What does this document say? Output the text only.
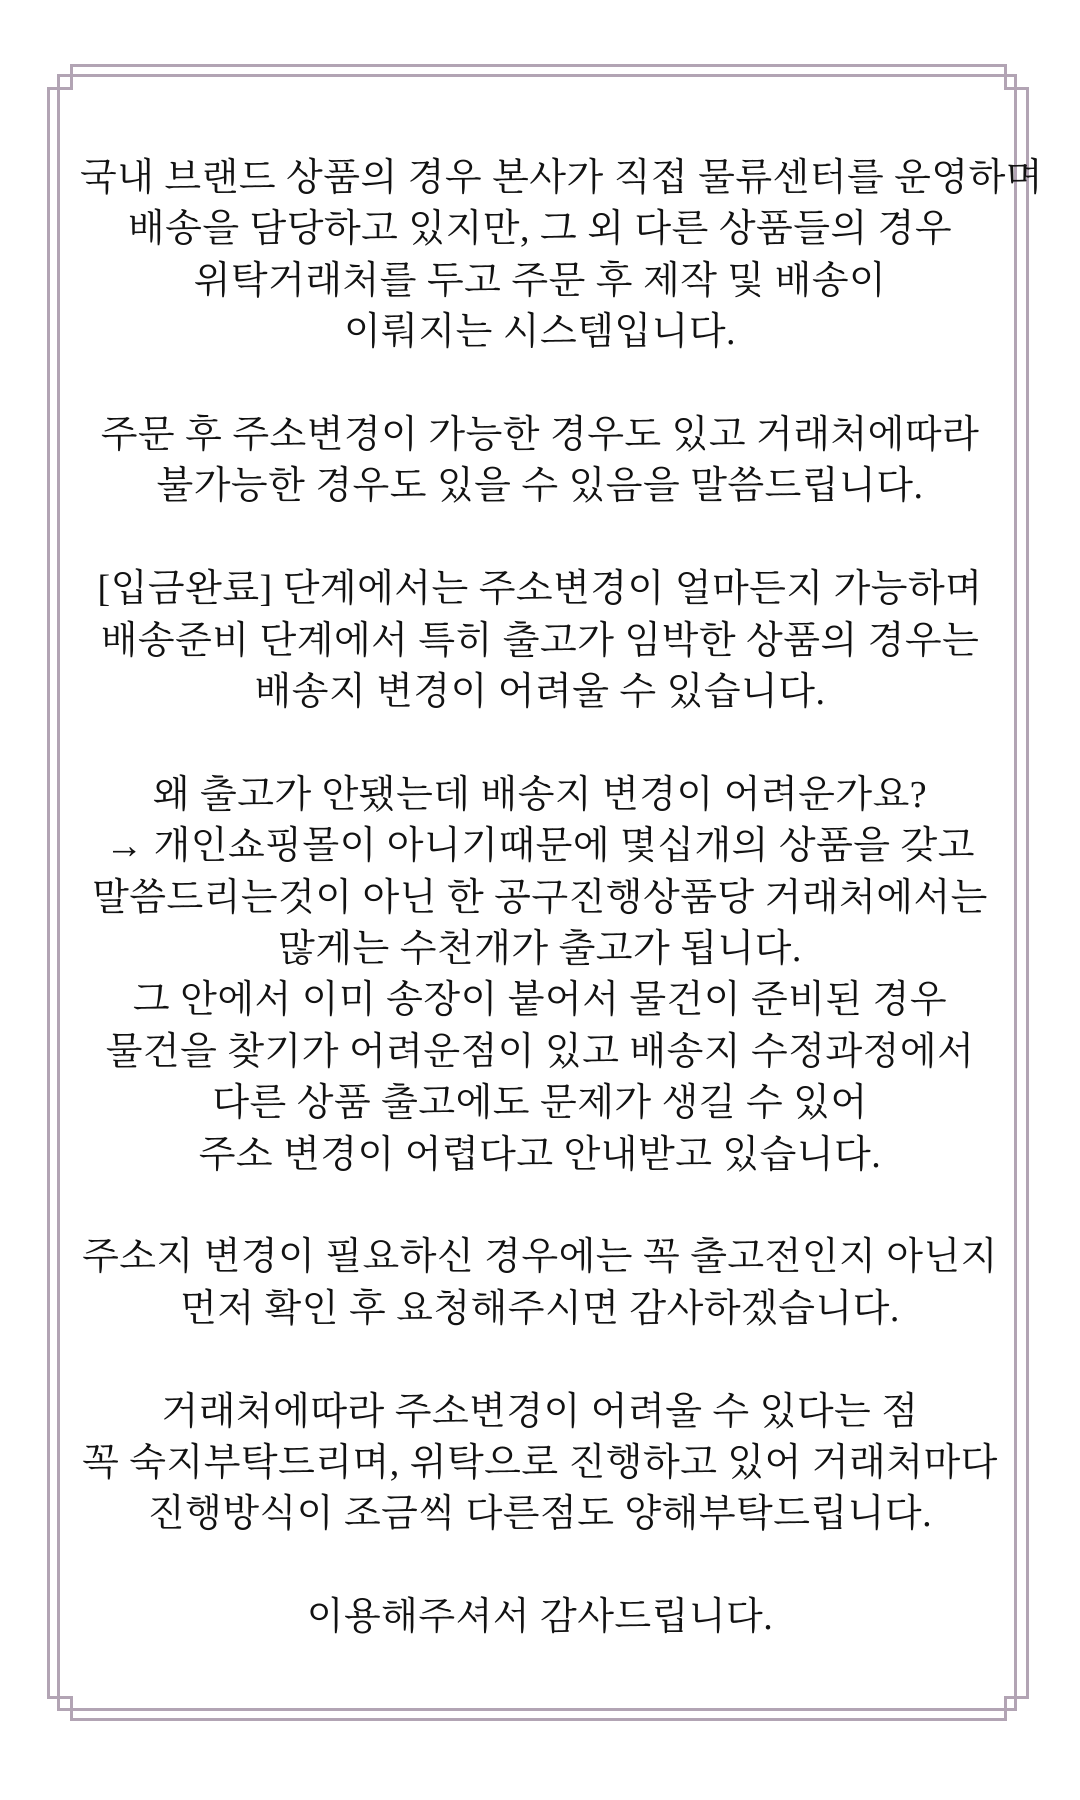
국내 브랜드 상품의 경우 본사가 직접 물류센터를 운영하며
배송을 담당하고 있지만, 그 외 다른 상품들의 경우
위탁거래처를 두고 주문 후 제작 및 배송이
이뤄지는 시스템입니다.
주문 후 주소변경이 가능한 경우도 있고 거래처에따라
불가능한 경우도 있을 수 있음을 말씀드립니다.
[입금완료] 단계에서는 주소변경이 얼마든지 가능하며
배송준비 단계에서 특히 출고가 임박한 상품의 경우는
배송지 변경이 어려울 수 있습니다.
왜 출고가 안됐는데 배송지 변경이 어려운가요?
→ 개인쇼핑몰이 아니기때문에 몇십개의 상품을 갖고
말씀드리는것이 아닌 한 공구진행상품당 거래처에서는
많게는 수천개가 출고가 됩니다.
그 안에서 이미 송장이 붙어서 물건이 준비된 경우
물건을 찾기가 어려운점이 있고 배송지 수정과정에서
다른 상품 출고에도 문제가 생길 수 있어
주소 변경이 어렵다고 안내받고 있습니다.
주소지 변경이 필요하신 경우에는 꼭 출고전인지 아닌지
먼저 확인 후 요청해주시면 감사하겠습니다.
거래처에따라 주소변경이 어려울 수 있다는 점
꼭 숙지부탁드리며, 위탁으로 진행하고 있어 거래처마다
진행방식이 조금씩 다른점도 양해부탁드립니다.
이용해주셔서 감사드립니다.
